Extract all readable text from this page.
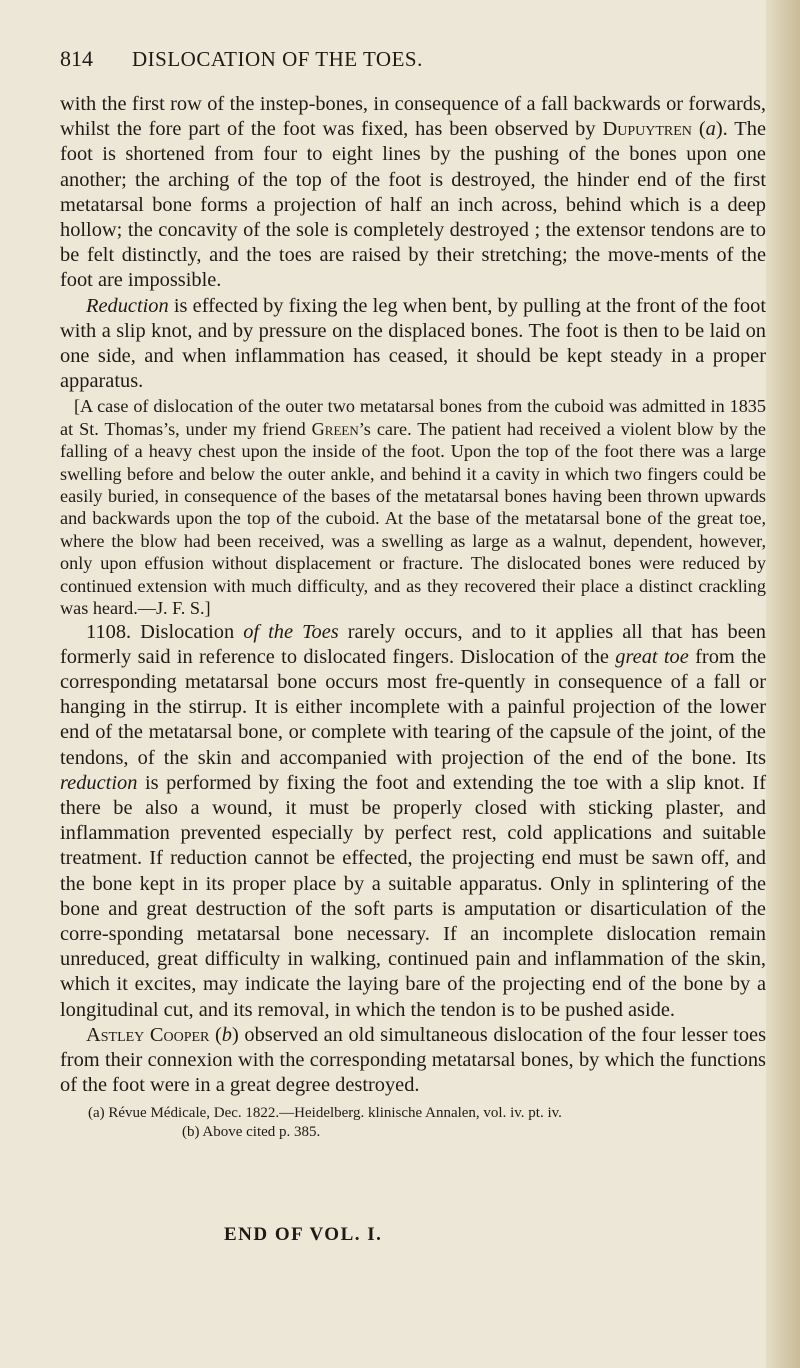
814	DISLOCATION OF THE TOES.

with the first row of the instep-bones, in consequence of a fall backwards or forwards, whilst the fore part of the foot was fixed, has been observed by Dupuytren (a). The foot is shortened from four to eight lines by the pushing of the bones upon one another; the arching of the top of the foot is destroyed, the hinder end of the first metatarsal bone forms a projection of half an inch across, behind which is a deep hollow; the concavity of the sole is completely destroyed ; the extensor tendons are to be felt distinctly, and the toes are raised by their stretching; the move-ments of the foot are impossible.

Reduction is effected by fixing the leg when bent, by pulling at the front of the foot with a slip knot, and by pressure on the displaced bones. The foot is then to be laid on one side, and when inflammation has ceased, it should be kept steady in a proper apparatus.

[A case of dislocation of the outer two metatarsal bones from the cuboid was admitted in 1835 at St. Thomas’s, under my friend Green’s care. The patient had received a violent blow by the falling of a heavy chest upon the inside of the foot. Upon the top of the foot there was a large swelling before and below the outer ankle, and behind it a cavity in which two fingers could be easily buried, in consequence of the bases of the metatarsal bones having been thrown upwards and backwards upon the top of the cuboid. At the base of the metatarsal bone of the great toe, where the blow had been received, was a swelling as large as a walnut, dependent, however, only upon effusion without displacement or fracture. The dislocated bones were reduced by continued extension with much difficulty, and as they recovered their place a distinct crackling was heard.—J. F. S.]

1108. Dislocation of the Toes rarely occurs, and to it applies all that has been formerly said in reference to dislocated fingers. Dislocation of the great toe from the corresponding metatarsal bone occurs most fre-quently in consequence of a fall or hanging in the stirrup. It is either incomplete with a painful projection of the lower end of the metatarsal bone, or complete with tearing of the capsule of the joint, of the tendons, of the skin and accompanied with projection of the end of the bone. Its reduction is performed by fixing the foot and extending the toe with a slip knot. If there be also a wound, it must be properly closed with sticking plaster, and inflammation prevented especially by perfect rest, cold applications and suitable treatment. If reduction cannot be effected, the projecting end must be sawn off, and the bone kept in its proper place by a suitable apparatus. Only in splintering of the bone and great destruction of the soft parts is amputation or disarticulation of the corre-sponding metatarsal bone necessary. If an incomplete dislocation remain unreduced, great difficulty in walking, continued pain and inflammation of the skin, which it excites, may indicate the laying bare of the projecting end of the bone by a longitudinal cut, and its removal, in which the tendon is to be pushed aside.

Astley Cooper (b) observed an old simultaneous dislocation of the four lesser toes from their connexion with the corresponding metatarsal bones, by which the functions of the foot were in a great degree destroyed.

(a) Révue Médicale, Dec. 1822.—Heidelberg. klinische Annalen, vol. iv. pt. iv.
(b) Above cited p. 385.
END OF VOL. I.
